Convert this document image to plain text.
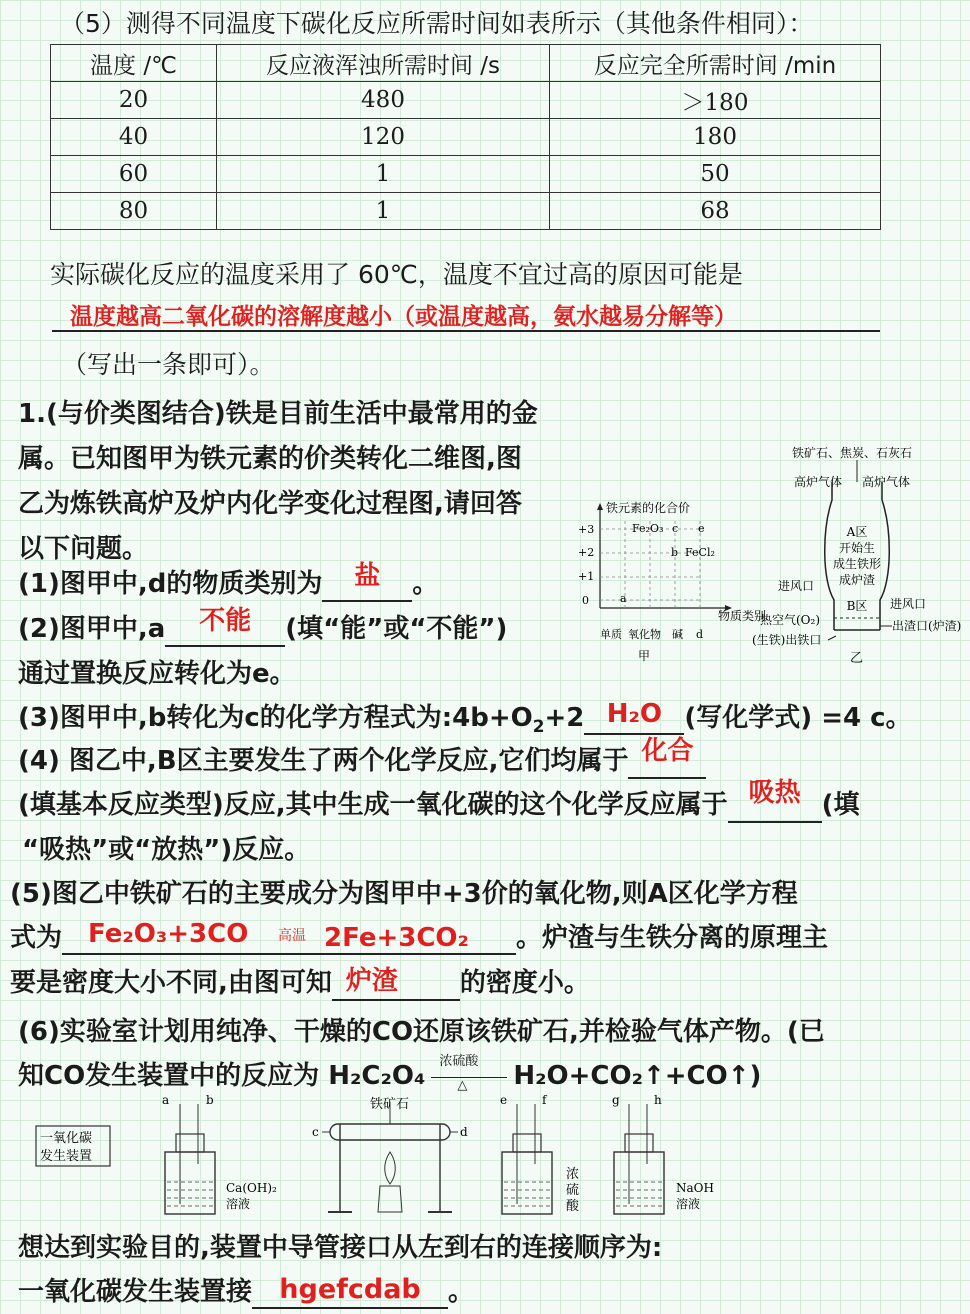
（5）测得不同温度下碳化反应所需时间如表所示（其他条件相同）：
温度 /℃	反应液浑浊所需时间 /s	反应完全所需时间 /min
20	480	＞180
40	120	180
60	1	50
80	1	68
实际碳化反应的温度采用了 60℃，温度不宜过高的原因可能是
温度越高二氧化碳的溶解度越小（或温度越高，氨水越易分解等）
（写出一条即可）。
1.(与价类图结合)铁是目前生活中最常用的金
属。已知图甲为铁元素的价类转化二维图,图
乙为炼铁高炉及炉内化学变化过程图,请回答
以下问题。
(1)图甲中,d的物质类别为 盐 。
(2)图甲中,a 不能 (填“能”或“不能”)
通过置换反应转化为e。
(3)图甲中,b转化为c的化学方程式为$:4b+O_2+2$ H₂O (写化学式) =4 c。
(4) 图乙中,B区主要发生了两个化学反应,它们均属于 化合
(填基本反应类型)反应,其中生成一氧化碳的这个化学反应属于 吸热 (填
“吸热”或“放热”)反应。
(5)图乙中铁矿石的主要成分为图甲中+3价的氧化物,则A区化学方程
式为 Fe₂O₃+3CO 高温 2Fe+3CO₂ 。炉渣与生铁分离的原理主
要是密度大小不同,由图可知 炉渣 的密度小。
(6)实验室计划用纯净、干燥的CO还原该铁矿石,并检验气体产物。(已
知CO发生装置中的反应为 H₂C₂O₄ 浓硫酸
△ H₂O+CO₂↑+CO↑)
想达到实验目的,装置中导管接口从左到右的连接顺序为:
一氧化碳发生装置接 hgefcdab 。
铁元素的化合价
+3
+2
+1
0
Fe₂O₃ c e
b FeCl₂
a
物质类别
单质 氧化物 碱 d
甲
铁矿石、焦炭、石灰石
高炉气体 高炉气体
A区
开始生
成生铁形
成炉渣
B区
进风口
进风口
热空气(O₂)
(生铁)出铁口
出渣口(炉渣)
乙
一氧化碳
发生装置
a	b
Ca(OH)₂
溶液
铁矿石
c	d
e	f
浓
硫
酸
g	h
NaOH
溶液
